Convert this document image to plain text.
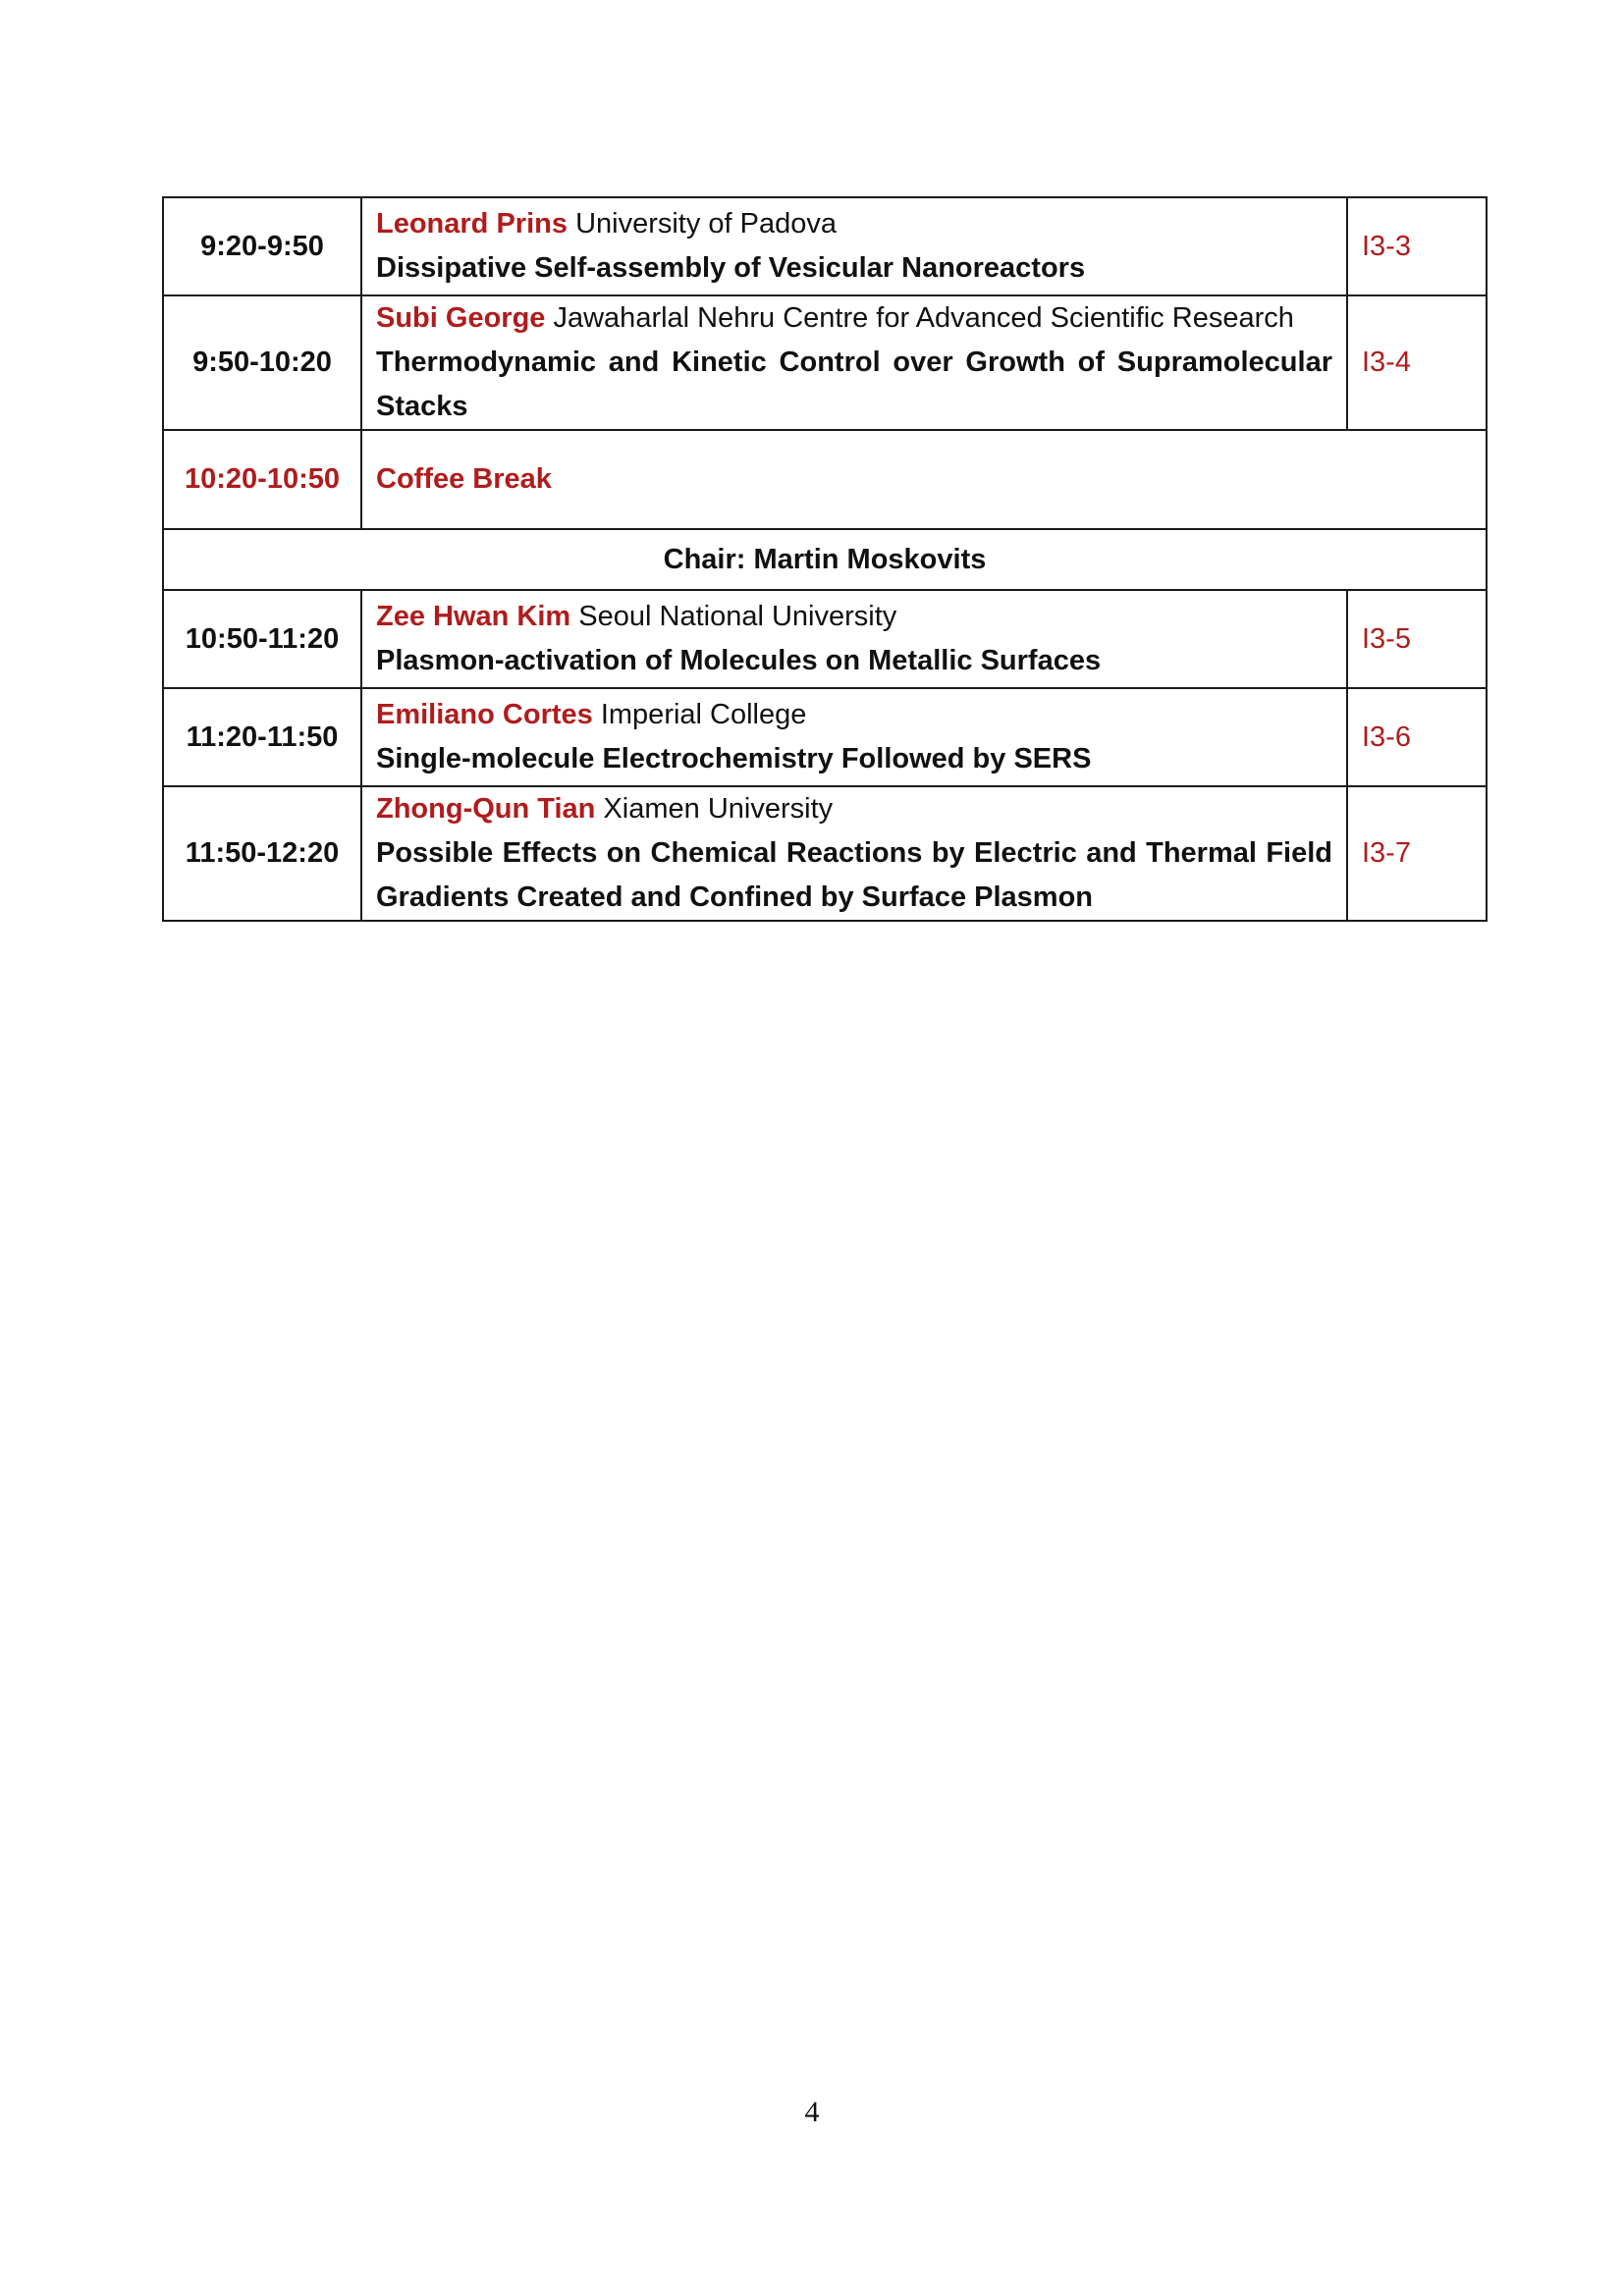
9:20-9:50	Leonard Prins University of Padova
Dissipative Self-assembly of Vesicular Nanoreactors	I3-3
9:50-10:20	Subi George Jawaharlal Nehru Centre for Advanced Scientific Research
Thermodynamic and Kinetic Control over Growth of Supramolecular Stacks	I3-4
10:20-10:50	Coffee Break	
Chair: Martin Moskovits		
10:50-11:20	Zee Hwan Kim Seoul National University
Plasmon-activation of Molecules on Metallic Surfaces	I3-5
11:20-11:50	Emiliano Cortes Imperial College
Single-molecule Electrochemistry Followed by SERS	I3-6
11:50-12:20	Zhong-Qun Tian Xiamen University
Possible Effects on Chemical Reactions by Electric and Thermal Field Gradients Created and Confined by Surface Plasmon	I3-7
4
